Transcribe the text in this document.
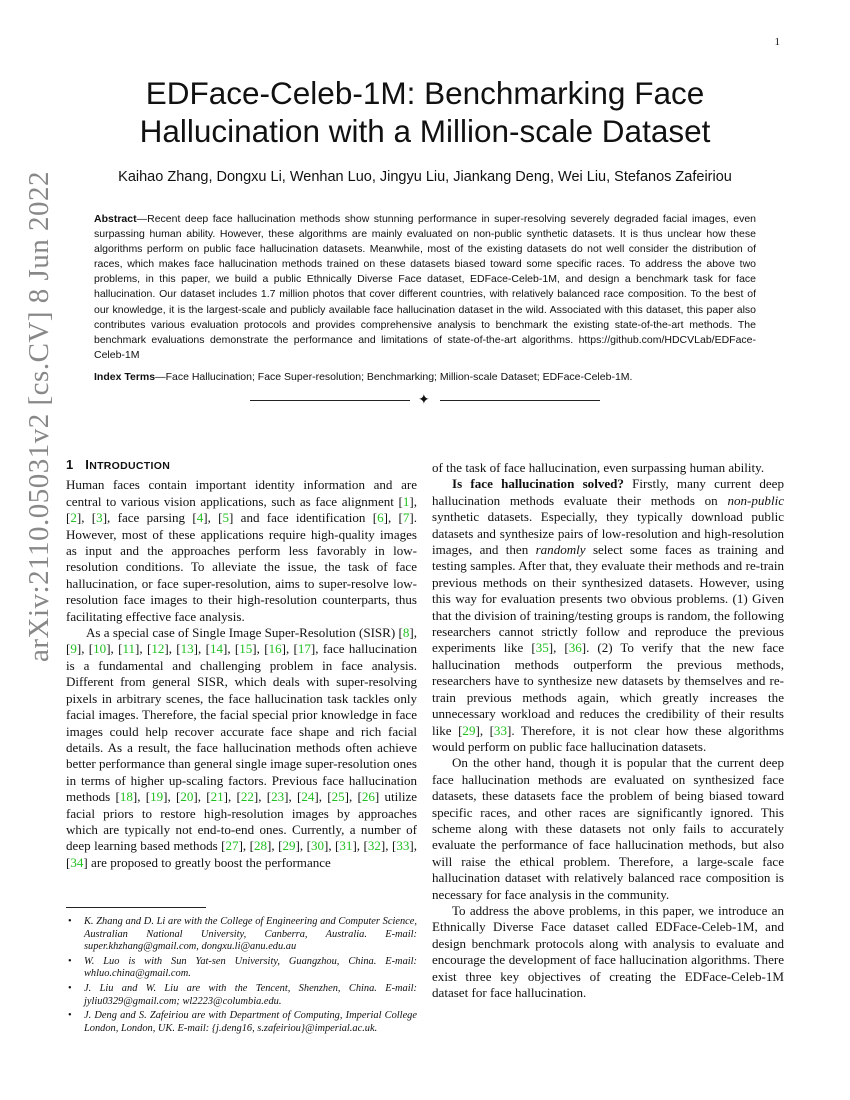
1
arXiv:2110.05031v2 [cs.CV] 8 Jun 2022
EDFace-Celeb-1M: Benchmarking Face
Hallucination with a Million-scale Dataset
Kaihao Zhang, Dongxu Li, Wenhan Luo, Jingyu Liu, Jiankang Deng, Wei Liu, Stefanos Zafeiriou
Abstract—Recent deep face hallucination methods show stunning performance in super-resolving severely degraded facial images, even surpassing human ability. However, these algorithms are mainly evaluated on non-public synthetic datasets. It is thus unclear how these algorithms perform on public face hallucination datasets. Meanwhile, most of the existing datasets do not well consider the distribution of races, which makes face hallucination methods trained on these datasets biased toward some specific races. To address the above two problems, in this paper, we build a public Ethnically Diverse Face dataset, EDFace-Celeb-1M, and design a benchmark task for face hallucination. Our dataset includes 1.7 million photos that cover different countries, with relatively balanced race composition. To the best of our knowledge, it is the largest-scale and publicly available face hallucination dataset in the wild. Associated with this dataset, this paper also contributes various evaluation protocols and provides comprehensive analysis to benchmark the existing state-of-the-art methods. The benchmark evaluations demonstrate the performance and limitations of state-of-the-art algorithms. https://github.com/HDCVLab/EDFace-Celeb-1M
Index Terms—Face Hallucination; Face Super-resolution; Benchmarking; Million-scale Dataset; EDFace-Celeb-1M.
✦
1 INTRODUCTION

Human faces contain important identity information and are central to various vision applications, such as face alignment [1], [2], [3], face parsing [4], [5] and face identification [6], [7]. However, most of these applications require high-quality images as input and the approaches perform less favorably in low-resolution conditions. To alleviate the issue, the task of face hallucination, or face super-resolution, aims to super-resolve low-resolution face images to their high-resolution counterparts, thus facilitating effective face analysis.

As a special case of Single Image Super-Resolution (SISR) [8], [9], [10], [11], [12], [13], [14], [15], [16], [17], face hallucination is a fundamental and challenging problem in face analysis. Different from general SISR, which deals with super-resolving pixels in arbitrary scenes, the face hallucination task tackles only facial images. Therefore, the facial special prior knowledge in face images could help recover accurate face shape and rich facial details. As a result, the face hallucination methods often achieve better performance than general single image super-resolution ones in terms of higher up-scaling factors. Previous face hallucination methods [18], [19], [20], [21], [22], [23], [24], [25], [26] utilize facial priors to restore high-resolution images by approaches which are typically not end-to-end ones. Currently, a number of deep learning based methods [27], [28], [29], [30], [31], [32], [33], [34] are proposed to greatly boost the performance

• K. Zhang and D. Li are with the College of Engineering and Computer Science, Australian National University, Canberra, Australia. E-mail: super.khzhang@gmail.com, dongxu.li@anu.edu.au
• W. Luo is with Sun Yat-sen University, Guangzhou, China. E-mail: whluo.china@gmail.com.
• J. Liu and W. Liu are with the Tencent, Shenzhen, China. E-mail: jyliu0329@gmail.com; wl2223@columbia.edu.
• J. Deng and S. Zafeiriou are with Department of Computing, Imperial College London, London, UK. E-mail: {j.deng16, s.zafeiriou}@imperial.ac.uk.

of the task of face hallucination, even surpassing human ability.

Is face hallucination solved? Firstly, many current deep hallucination methods evaluate their methods on non-public synthetic datasets. Especially, they typically download public datasets and synthesize pairs of low-resolution and high-resolution images, and then randomly select some faces as training and testing samples. After that, they evaluate their methods and re-train previous methods on their synthesized datasets. However, using this way for evaluation presents two obvious problems. (1) Given that the division of training/testing groups is random, the following researchers cannot strictly follow and reproduce the previous experiments like [35], [36]. (2) To verify that the new face hallucination methods outperform the previous methods, researchers have to synthesize new datasets by themselves and re-train previous methods again, which greatly increases the unnecessary workload and reduces the credibility of their results like [29], [33]. Therefore, it is not clear how these algorithms would perform on public face hallucination datasets.

On the other hand, though it is popular that the current deep face hallucination methods are evaluated on synthesized face datasets, these datasets face the problem of being biased toward specific races, and other races are significantly ignored. This scheme along with these datasets not only fails to accurately evaluate the performance of face hallucination methods, but also will raise the ethical problem. Therefore, a large-scale face hallucination dataset with relatively balanced race composition is necessary for face analysis in the community.

To address the above problems, in this paper, we introduce an Ethnically Diverse Face dataset called EDFace-Celeb-1M, and design benchmark protocols along with analysis to evaluate and encourage the development of face hallucination algorithms. There exist three key objectives of creating the EDFace-Celeb-1M dataset for face hallucination.
